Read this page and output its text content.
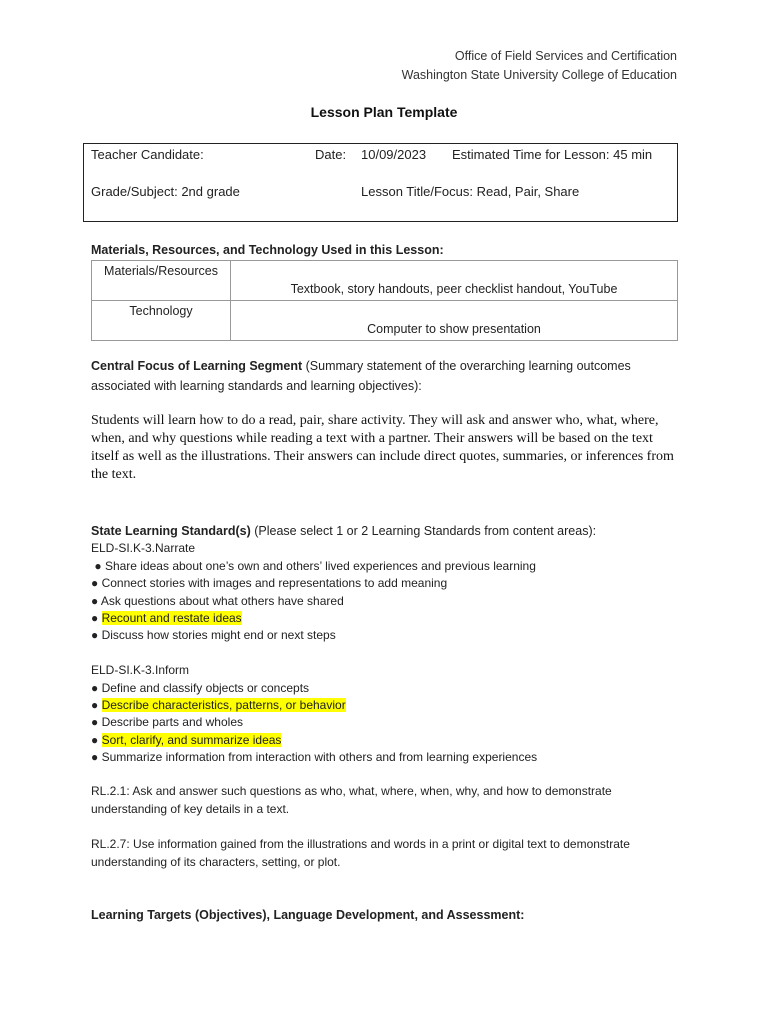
Office of Field Services and Certification
Washington State University College of Education
Lesson Plan Template
Teacher Candidate:	Date: 10/09/2023 Estimated Time for Lesson: 45 min
Grade/Subject: 2nd grade	Lesson Title/Focus: Read, Pair, Share
Materials, Resources, and Technology Used in this Lesson:
Materials/Resources	Textbook, story handouts, peer checklist handout, YouTube
Technology	Computer to show presentation
Central Focus of Learning Segment (Summary statement of the overarching learning outcomes associated with learning standards and learning objectives):
Students will learn how to do a read, pair, share activity. They will ask and answer who, what, where, when, and why questions while reading a text with a partner. Their answers will be based on the text itself as well as the illustrations. Their answers can include direct quotes, summaries, or inferences from the text.
State Learning Standard(s) (Please select 1 or 2 Learning Standards from content areas):
ELD-SI.K-3.Narrate
● Share ideas about one’s own and others’ lived experiences and previous learning
● Connect stories with images and representations to add meaning
● Ask questions about what others have shared
● Recount and restate ideas
● Discuss how stories might end or next steps
ELD-SI.K-3.Inform
● Define and classify objects or concepts
● Describe characteristics, patterns, or behavior
● Describe parts and wholes
● Sort, clarify, and summarize ideas
● Summarize information from interaction with others and from learning experiences
RL.2.1: Ask and answer such questions as who, what, where, when, why, and how to demonstrate
understanding of key details in a text.
RL.2.7: Use information gained from the illustrations and words in a print or digital text to demonstrate
understanding of its characters, setting, or plot.
Learning Targets (Objectives), Language Development, and Assessment:
